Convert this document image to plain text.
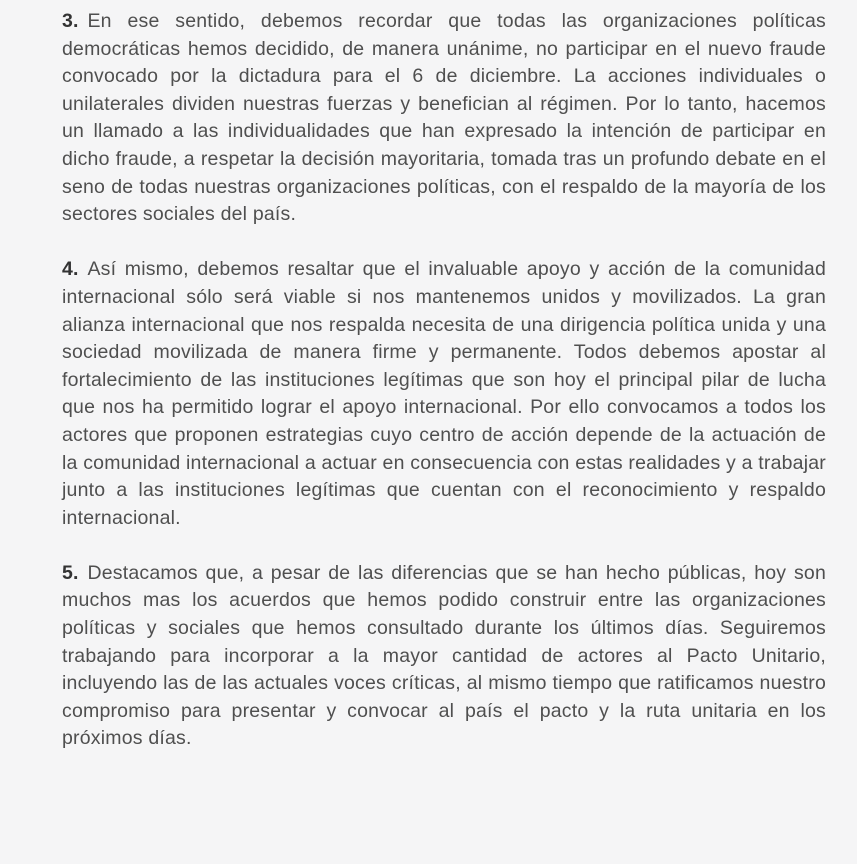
3. En ese sentido, debemos recordar que todas las organizaciones políticas democráticas hemos decidido, de manera unánime, no participar en el nuevo fraude convocado por la dictadura para el 6 de diciembre. La acciones individuales o unilaterales dividen nuestras fuerzas y benefician al régimen. Por lo tanto, hacemos un llamado a las individualidades que han expresado la intención de participar en dicho fraude, a respetar la decisión mayoritaria, tomada tras un profundo debate en el seno de todas nuestras organizaciones políticas, con el respaldo de la mayoría de los sectores sociales del país.

4. Así mismo, debemos resaltar que el invaluable apoyo y acción de la comunidad internacional sólo será viable si nos mantenemos unidos y movilizados. La gran alianza internacional que nos respalda necesita de una dirigencia política unida y una sociedad movilizada de manera firme y permanente. Todos debemos apostar al fortalecimiento de las instituciones legítimas que son hoy el principal pilar de lucha que nos ha permitido lograr el apoyo internacional. Por ello convocamos a todos los actores que proponen estrategias cuyo centro de acción depende de la actuación de la comunidad internacional a actuar en consecuencia con estas realidades y a trabajar junto a las instituciones legítimas que cuentan con el reconocimiento y respaldo internacional.

5. Destacamos que, a pesar de las diferencias que se han hecho públicas, hoy son muchos mas los acuerdos que hemos podido construir entre las organizaciones políticas y sociales que hemos consultado durante los últimos días. Seguiremos trabajando para incorporar a la mayor cantidad de actores al Pacto Unitario, incluyendo las de las actuales voces críticas, al mismo tiempo que ratificamos nuestro compromiso para presentar y convocar al país el pacto y la ruta unitaria en los próximos días.
